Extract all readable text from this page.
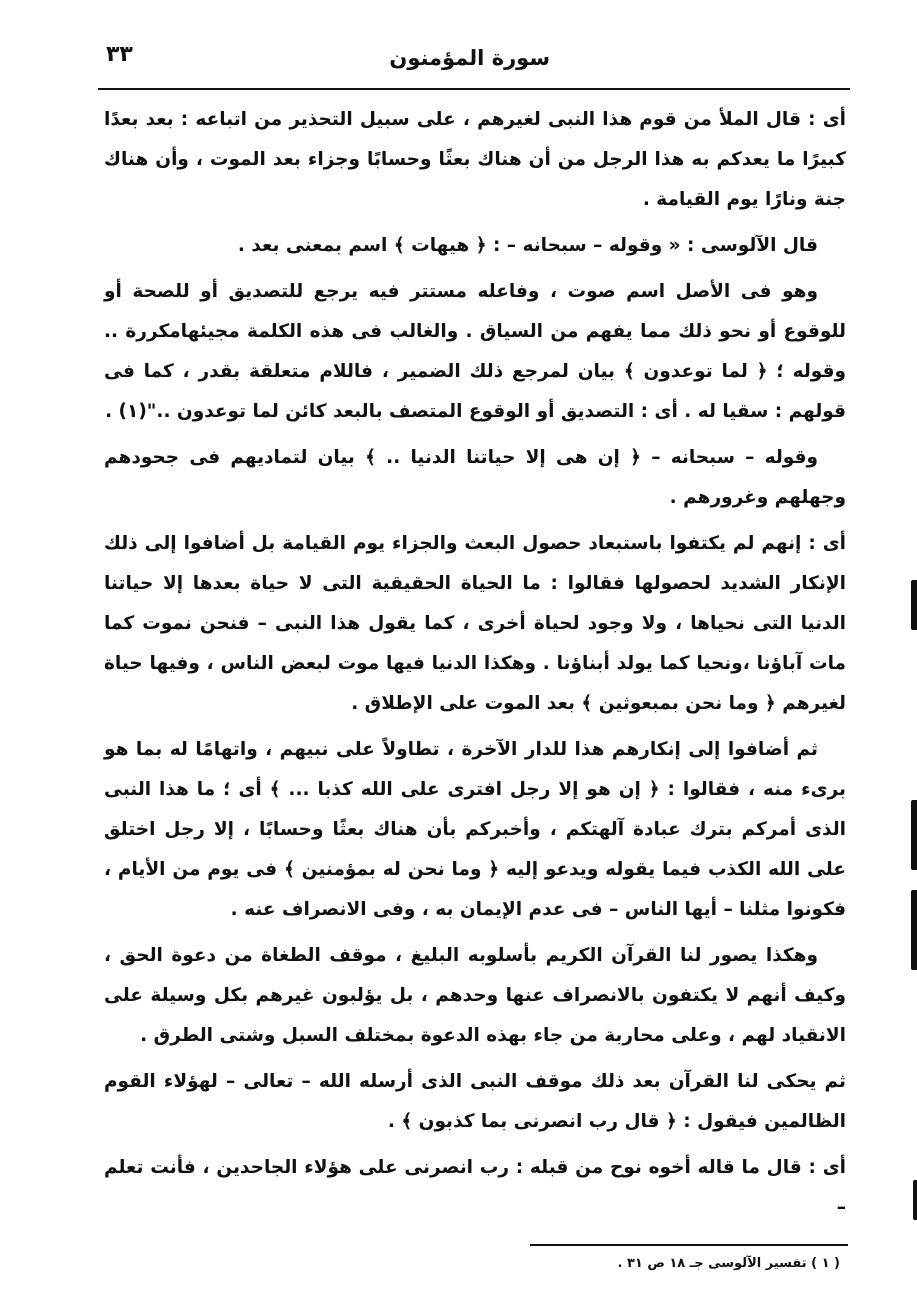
سورة المؤمنون
٣٣

أى : قال الملأ من قوم هذا النبى لغيرهم ، على سبيل التحذير من اتباعه : بعد بعدًا كبيرًا ما يعدكم به هذا الرجل من أن هناك بعثًا وحسابًا وجزاء بعد الموت ، وأن هناك جنة ونارًا يوم القيامة .

قال الآلوسى : « وقوله – سبحانه – : ﴿ هيهات ﴾ اسم بمعنى بعد .

وهو فى الأصل اسم صوت ، وفاعله مستتر فيه يرجع للتصديق أو للصحة أو للوقوع أو نحو ذلك مما يفهم من السياق . والغالب فى هذه الكلمة مجيئهامكررة .. وقوله ؛ ﴿ لما توعدون ﴾ بيان لمرجع ذلك الضمير ، فاللام متعلقة بقدر ، كما فى قولهم : سقيا له . أى : التصديق أو الوقوع المتصف بالبعد كائن لما توعدون .."(١) .

وقوله – سبحانه – ﴿ إن هى إلا حياتنا الدنيا .. ﴾ بيان لتماديهم فى جحودهم وجهلهم وغرورهم .

أى : إنهم لم يكتفوا باستبعاد حصول البعث والجزاء يوم القيامة بل أضافوا إلى ذلك الإنكار الشديد لحصولها فقالوا : ما الحياة الحقيقية التى لا حياة بعدها إلا حياتنا الدنيا التى نحياها ، ولا وجود لحياة أخرى ، كما يقول هذا النبى – فنحن نموت كما مات آباؤنا ،ونحيا كما يولد أبناؤنا . وهكذا الدنيا فيها موت لبعض الناس ، وفيها حياة لغيرهم ﴿ وما نحن بمبعوثين ﴾ بعد الموت على الإطلاق .

ثم أضافوا إلى إنكارهم هذا للدار الآخرة ، تطاولاً على نبيهم ، واتهامًا له بما هو برىء منه ، فقالوا : ﴿ إن هو إلا رجل افترى على الله كذبا ... ﴾ أى ؛ ما هذا النبى الذى أمركم بترك عبادة آلهتكم ، وأخبركم بأن هناك بعثًا وحسابًا ، إلا رجل اختلق على الله الكذب فيما يقوله ويدعو إليه ﴿ وما نحن له بمؤمنين ﴾ فى يوم من الأيام ، فكونوا مثلنا – أيها الناس – فى عدم الإيمان به ، وفى الانصراف عنه .

وهكذا يصور لنا القرآن الكريم بأسلوبه البليغ ، موقف الطغاة من دعوة الحق ، وكيف أنهم لا يكتفون بالانصراف عنها وحدهم ، بل يؤلبون غيرهم بكل وسيلة على الانقياد لهم ، وعلى محاربة من جاء بهذه الدعوة بمختلف السبل وشتى الطرق .

ثم يحكى لنا القرآن بعد ذلك موقف النبى الذى أرسله الله – تعالى – لهؤلاء القوم الظالمين فيقول : ﴿ قال رب انصرنى بما كذبون ﴾ .

أى : قال ما قاله أخوه نوح من قبله : رب انصرنى على هؤلاء الجاحدين ، فأنت تعلم –

( ١ ) تفسير الآلوسى جـ ١٨ ص ٣١ .
